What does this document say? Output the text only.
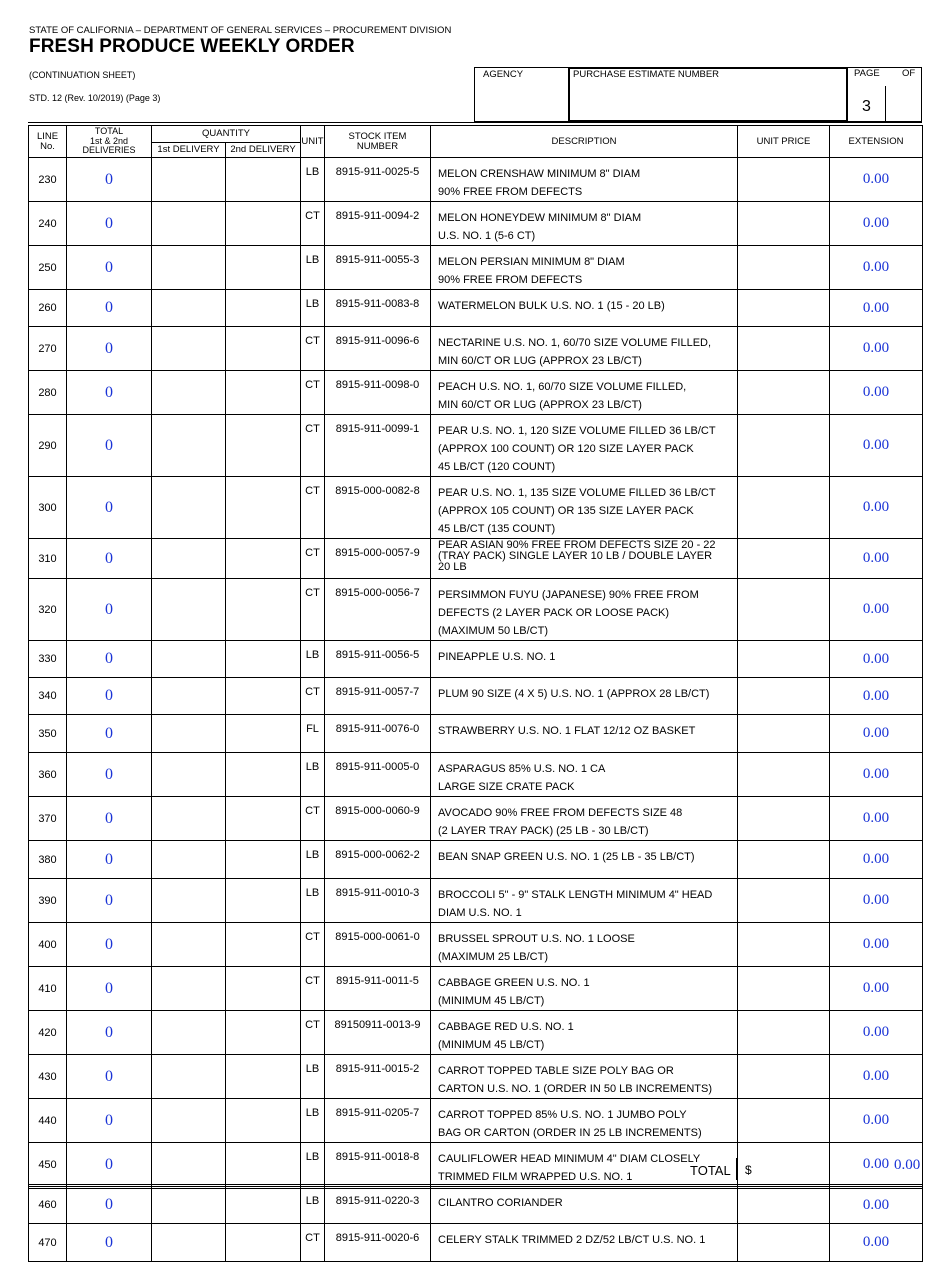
STATE OF CALIFORNIA – DEPARTMENT OF GENERAL SERVICES – PROCUREMENT DIVISION
FRESH PRODUCE WEEKLY ORDER
(CONTINUATION SHEET)
STD. 12 (Rev. 10/2019) (Page 3)
AGENCY	PURCHASE ESTIMATE NUMBER	PAGE OF
3
LINE
No.	TOTAL
1st & 2nd
DELIVERIES	QUANTITY		UNIT	STOCK ITEM
NUMBER	DESCRIPTION	UNIT PRICE	EXTENSION
		1st DELIVERY	2nd DELIVERY					
230	0			LB	8915-911-0025-5	MELON CRENSHAW MINIMUM 8" DIAM
90% FREE FROM DEFECTS		0.00
240	0			CT	8915-911-0094-2	MELON HONEYDEW MINIMUM 8" DIAM
U.S. NO. 1 (5-6 CT)		0.00
250	0			LB	8915-911-0055-3	MELON PERSIAN MINIMUM 8" DIAM
90% FREE FROM DEFECTS		0.00
260	0			LB	8915-911-0083-8	WATERMELON BULK U.S. NO. 1 (15 - 20 LB)		0.00
270	0			CT	8915-911-0096-6	NECTARINE U.S. NO. 1, 60/70 SIZE VOLUME FILLED,
MIN 60/CT OR LUG (APPROX 23 LB/CT)		0.00
280	0			CT	8915-911-0098-0	PEACH U.S. NO. 1, 60/70 SIZE VOLUME FILLED,
MIN 60/CT OR LUG (APPROX 23 LB/CT)		0.00
290	0			CT	8915-911-0099-1	PEAR U.S. NO. 1, 120 SIZE VOLUME FILLED 36 LB/CT
(APPROX 100 COUNT) OR 120 SIZE LAYER PACK
45 LB/CT (120 COUNT)		0.00
300	0			CT	8915-000-0082-8	PEAR U.S. NO. 1, 135 SIZE VOLUME FILLED 36 LB/CT
(APPROX 105 COUNT) OR 135 SIZE LAYER PACK
45 LB/CT (135 COUNT)		0.00
310	0			CT	8915-000-0057-9	PEAR ASIAN 90% FREE FROM DEFECTS SIZE 20 - 22
(TRAY PACK) SINGLE LAYER 10 LB / DOUBLE LAYER
20 LB		0.00
320	0			CT	8915-000-0056-7	PERSIMMON FUYU (JAPANESE) 90% FREE FROM
DEFECTS (2 LAYER PACK OR LOOSE PACK)
(MAXIMUM 50 LB/CT)		0.00
330	0			LB	8915-911-0056-5	PINEAPPLE U.S. NO. 1		0.00
340	0			CT	8915-911-0057-7	PLUM 90 SIZE (4 X 5) U.S. NO. 1 (APPROX 28 LB/CT)		0.00
350	0			FL	8915-911-0076-0	STRAWBERRY U.S. NO. 1 FLAT 12/12 OZ BASKET		0.00
360	0			LB	8915-911-0005-0	ASPARAGUS 85% U.S. NO. 1 CA
LARGE SIZE CRATE PACK		0.00
370	0			CT	8915-000-0060-9	AVOCADO 90% FREE FROM DEFECTS SIZE 48
(2 LAYER TRAY PACK) (25 LB - 30 LB/CT)		0.00
380	0			LB	8915-000-0062-2	BEAN SNAP GREEN U.S. NO. 1 (25 LB - 35 LB/CT)		0.00
390	0			LB	8915-911-0010-3	BROCCOLI 5" - 9" STALK LENGTH MINIMUM 4" HEAD
DIAM U.S. NO. 1		0.00
400	0			CT	8915-000-0061-0	BRUSSEL SPROUT U.S. NO. 1 LOOSE
(MAXIMUM 25 LB/CT)		0.00
410	0			CT	8915-911-0011-5	CABBAGE GREEN U.S. NO. 1
(MINIMUM 45 LB/CT)		0.00
420	0			CT	89150911-0013-9	CABBAGE RED U.S. NO. 1
(MINIMUM 45 LB/CT)		0.00
430	0			LB	8915-911-0015-2	CARROT TOPPED TABLE SIZE POLY BAG OR
CARTON U.S. NO. 1 (ORDER IN 50 LB INCREMENTS)		0.00
440	0			LB	8915-911-0205-7	CARROT TOPPED 85% U.S. NO. 1 JUMBO POLY
BAG OR CARTON (ORDER IN 25 LB INCREMENTS)		0.00
450	0			LB	8915-911-0018-8	CAULIFLOWER HEAD MINIMUM 4" DIAM CLOSELY
TRIMMED FILM WRAPPED U.S. NO. 1		0.00
460	0			LB	8915-911-0220-3	CILANTRO CORIANDER		0.00
470	0			CT	8915-911-0020-6	CELERY STALK TRIMMED 2 DZ/52 LB/CT U.S. NO. 1		0.00
TOTAL $	0.00
